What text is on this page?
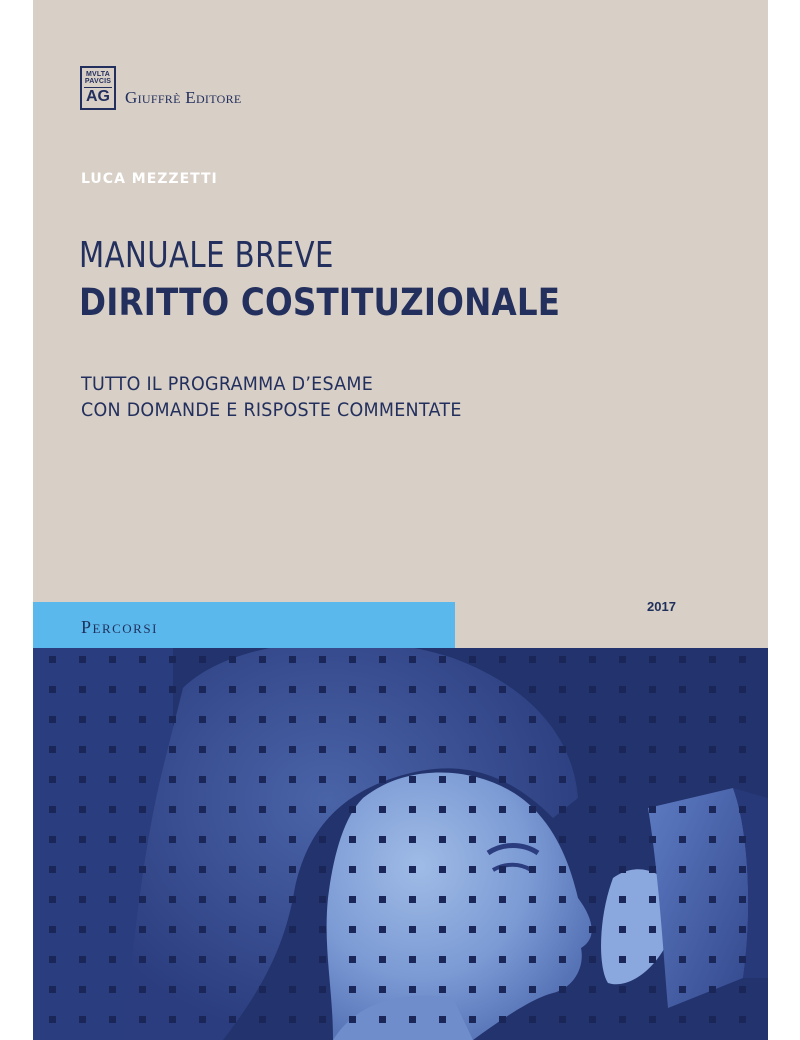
MVLTA
PAVCIS
AG Giuffrè Editore
LUCA MEZZETTI
MANUALE BREVE
DIRITTO COSTITUZIONALE
TUTTO IL PROGRAMMA D’ESAME
CON DOMANDE E RISPOSTE COMMENTATE
Percorsi
2017
